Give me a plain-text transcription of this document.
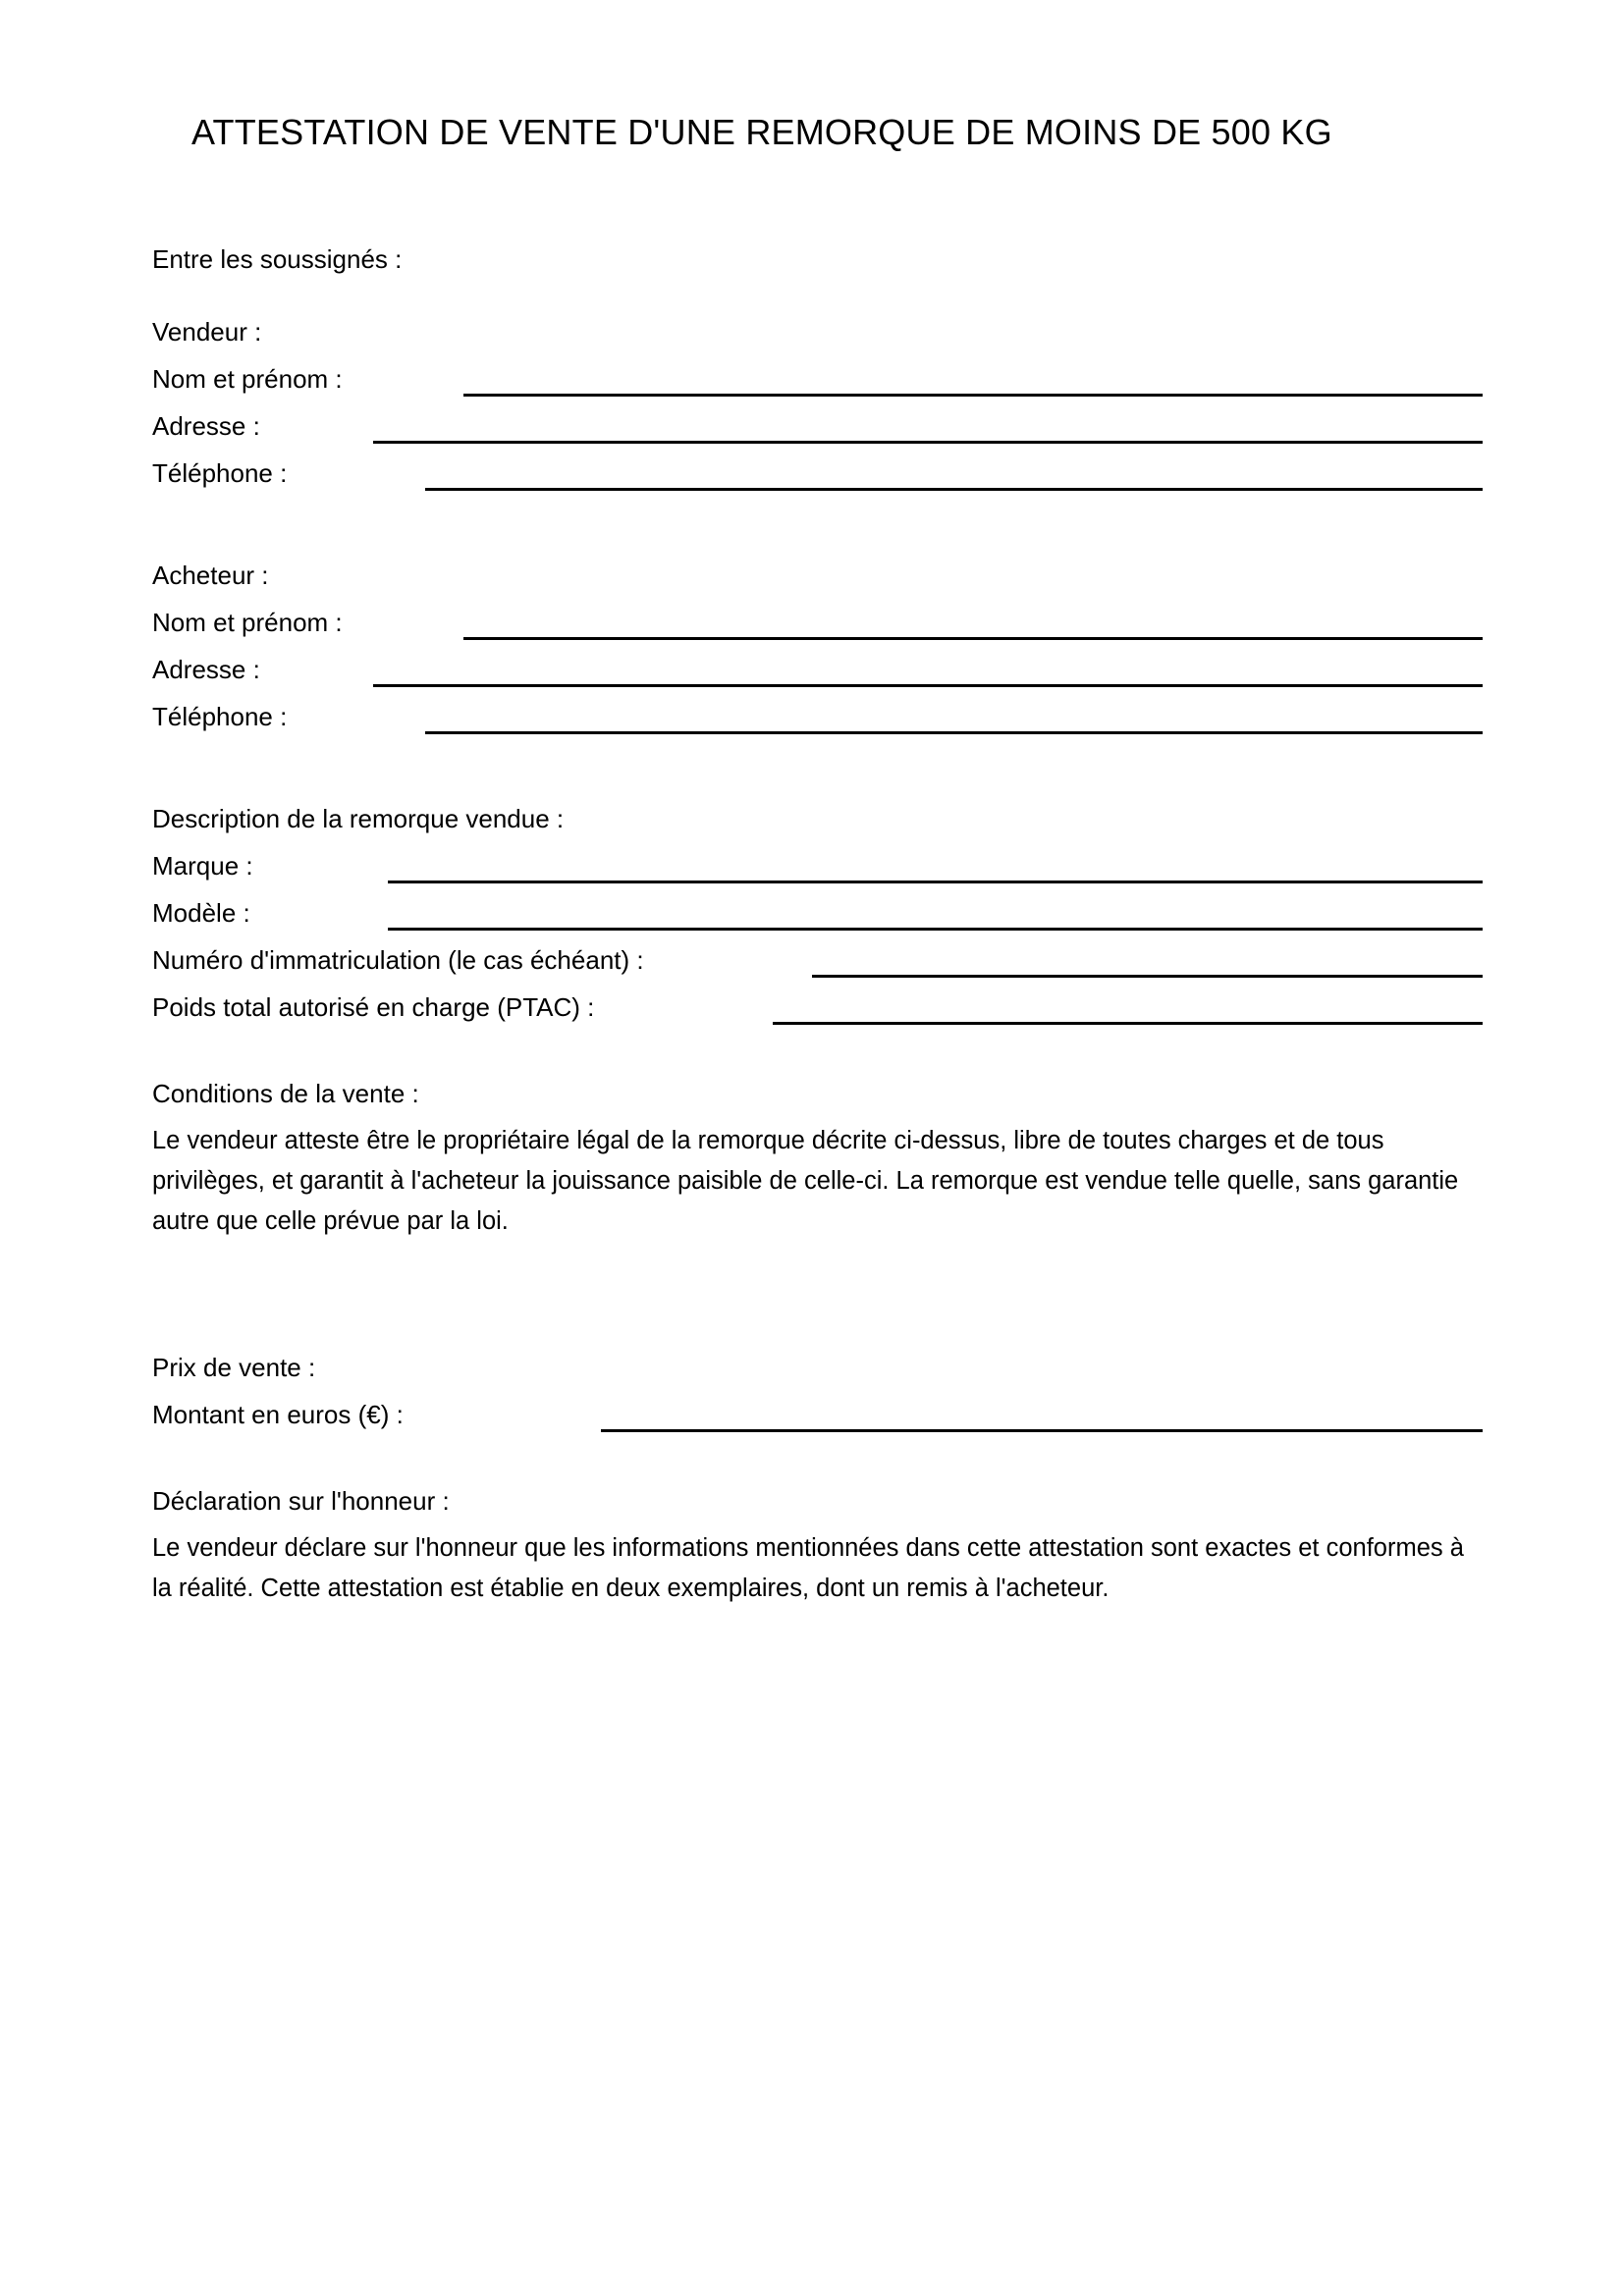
ATTESTATION DE VENTE D'UNE REMORQUE DE MOINS DE 500 KG
Entre les soussignés :
Vendeur :
Nom et prénom :
Adresse :
Téléphone :
Acheteur :
Nom et prénom :
Adresse :
Téléphone :
Description de la remorque vendue :
Marque :
Modèle :
Numéro d'immatriculation (le cas échéant) :
Poids total autorisé en charge (PTAC) :
Conditions de la vente :
Le vendeur atteste être le propriétaire légal de la remorque décrite ci-dessus, libre de toutes charges et de tous privilèges, et garantit à l'acheteur la jouissance paisible de celle-ci. La remorque est vendue telle quelle, sans garantie autre que celle prévue par la loi.
Prix de vente :
Montant en euros (€) :
Déclaration sur l'honneur :
Le vendeur déclare sur l'honneur que les informations mentionnées dans cette attestation sont exactes et conformes à la réalité. Cette attestation est établie en deux exemplaires, dont un remis à l'acheteur.
